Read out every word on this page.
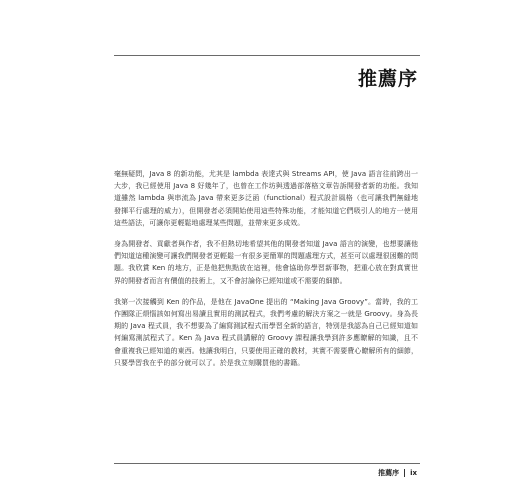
推薦序

毫無疑問，Java 8 的新功能，尤其是 lambda 表達式與 Streams API，使 Java 語言往前跨出一大步，我已經使用 Java 8 好幾年了，也曾在工作坊與透過部落格文章告訴開發者新的功能。我知道雖然 lambda 與串流為 Java 帶來更多泛函（functional）程式設計風格（也可讓我們無縫地發揮平行處理的威力），但開發者必須開始使用這些特殊功能，才能知道它們吸引人的地方一使用這些語法，可讓你更輕鬆地處理某些問題，並帶來更多成效。

身為開發者、貢獻者與作者，我不但熱切地希望其他的開發者知道 Java 語言的演變，也想要讓他們知道這種演變可讓我們開發者更輕鬆一有很多更簡單的問題處理方式，甚至可以處理很困難的問題。我欣賞 Ken 的地方，正是他把焦點放在這裡，他會協助你學習新事物，把重心放在對真實世界的開發者而言有價值的技術上，又不會討論你已經知道或不需要的細節。

我第一次接觸到 Ken 的作品，是他在 JavaOne 提出的 “Making Java Groovy”。當時，我的工作團隊正煩惱該如何寫出易讀且實用的測試程式，我們考慮的解決方案之一就是 Groovy。身為長期的 Java 程式員，我不想要為了編寫測試程式而學習全新的語言，特別是我認為自己已經知道如何編寫測試程式了。Ken 為 Java 程式員講解的 Groovy 課程讓我學到許多應瞭解的知識，且不會重複我已經知道的東西。他讓我明白，只要使用正確的教材，其實不需要費心瞭解所有的細節，只要學習我在乎的部分就可以了。於是我立刻購買他的書籍。

推薦序 ix
